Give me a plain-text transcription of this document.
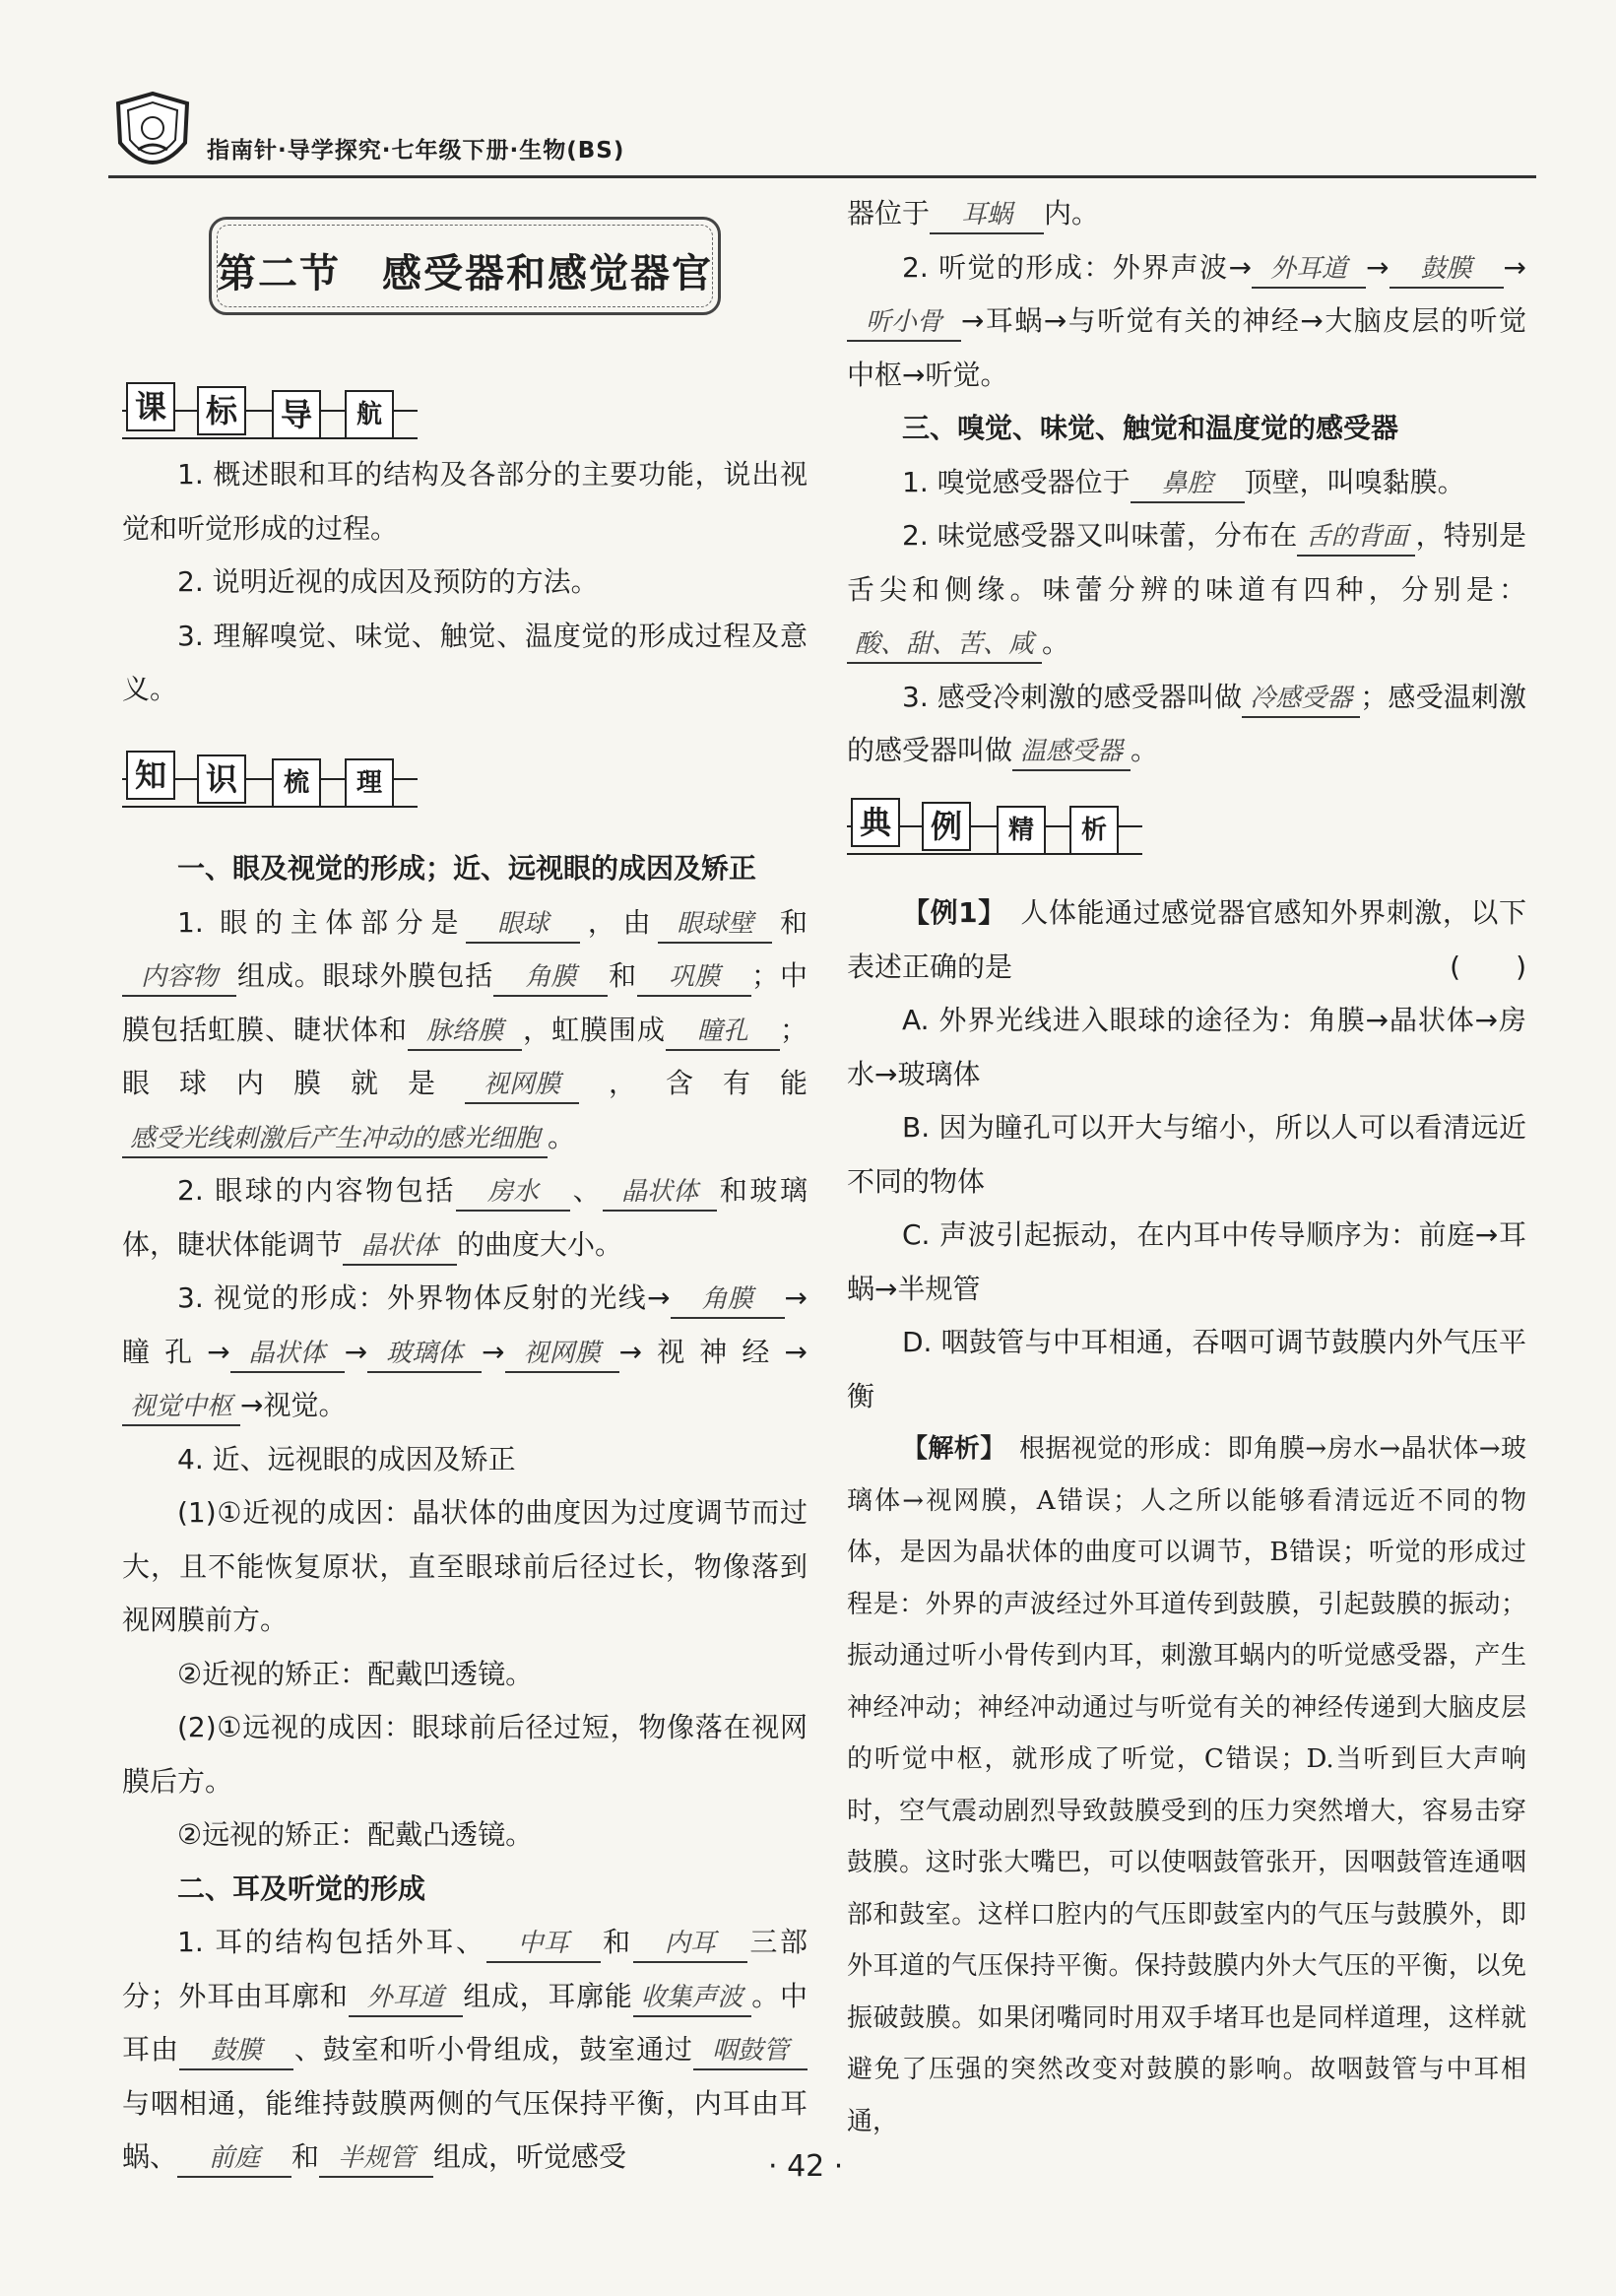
指南针·导学探究·七年级下册·生物(BS)
第二节　感受器和感觉器官
课 标 导	航
知 识	梳	理
典 例	精	析

1. 概述眼和耳的结构及各部分的主要功能，说出视觉和听觉形成的过程。

2. 说明近视的成因及预防的方法。

3. 理解嗅觉、味觉、触觉、温度觉的形成过程及意义。

一、眼及视觉的形成；近、远视眼的成因及矫正

1. 眼的主体部分是 眼球 ，由 眼球壁 和内容物 组成。眼球外膜包括 角膜 和 巩膜 ；中膜包括虹膜、睫状体和 脉络膜 ，虹膜围成 瞳孔 ；眼球内膜就是 视网膜 ，含有能感受光线刺激后产生冲动的感光细胞 。

2. 眼球的内容物包括 房水 、 晶状体 和玻璃体，睫状体能调节 晶状体 的曲度大小。

3. 视觉的形成：外界物体反射的光线→ 角膜 →瞳孔→ 晶状体 → 玻璃体 → 视网膜 →视神经→视觉中枢 →视觉。

4. 近、远视眼的成因及矫正

(1)①近视的成因：晶状体的曲度因为过度调节而过大，且不能恢复原状，直至眼球前后径过长，物像落到视网膜前方。

②近视的矫正：配戴凹透镜。

(2)①远视的成因：眼球前后径过短，物像落在视网膜后方。

②远视的矫正：配戴凸透镜。

二、耳及听觉的形成

1. 耳的结构包括外耳、 中耳 和 内耳 三部分；外耳由耳廓和 外耳道 组成，耳廓能 收集声波 。中耳由 鼓膜 、鼓室和听小骨组成，鼓室通过 咽鼓管与咽相通，能维持鼓膜两侧的气压保持平衡，内耳由耳蜗、 前庭 和 半规管 组成，听觉感受

器位于 耳蜗 内。

2. 听觉的形成：外界声波→ 外耳道 → 鼓膜 →听小骨 →耳蜗→与听觉有关的神经→大脑皮层的听觉中枢→听觉。

三、嗅觉、味觉、触觉和温度觉的感受器

1. 嗅觉感受器位于 鼻腔 顶壁，叫嗅黏膜。

2. 味觉感受器又叫味蕾，分布在 舌的背面 ，特别是舌尖和侧缘。味蕾分辨的味道有四种，分别是：酸、甜、苦、咸 。

3. 感受冷刺激的感受器叫做 冷感受器 ；感受温刺激的感受器叫做 温感受器 。

【例1】　 人体能通过感觉器官感知外界刺激，以下表述正确的是	(　　)

A. 外界光线进入眼球的途径为：角膜→晶状体→房水→玻璃体

B. 因为瞳孔可以开大与缩小，所以人可以看清远近不同的物体

C. 声波引起振动，在内耳中传导顺序为：前庭→耳蜗→半规管

D. 咽鼓管与中耳相通，吞咽可调节鼓膜内外气压平衡

【解析】　 根据视觉的形成：即角膜→房水→晶状体→玻璃体→视网膜，A错误；人之所以能够看清远近不同的物体，是因为晶状体的曲度可以调节，B错误；听觉的形成过程是：外界的声波经过外耳道传到鼓膜，引起鼓膜的振动；振动通过听小骨传到内耳，刺激耳蜗内的听觉感受器，产生神经冲动；神经冲动通过与听觉有关的神经传递到大脑皮层的听觉中枢，就形成了听觉，C错误；D.当听到巨大声响时，空气震动剧烈导致鼓膜受到的压力突然增大，容易击穿鼓膜。这时张大嘴巴，可以使咽鼓管张开，因咽鼓管连通咽部和鼓室。这样口腔内的气压即鼓室内的气压与鼓膜外，即外耳道的气压保持平衡。保持鼓膜内外大气压的平衡，以免振破鼓膜。如果闭嘴同时用双手堵耳也是同样道理，这样就避免了压强的突然改变对鼓膜的影响。故咽鼓管与中耳相通，

· 42 ·
